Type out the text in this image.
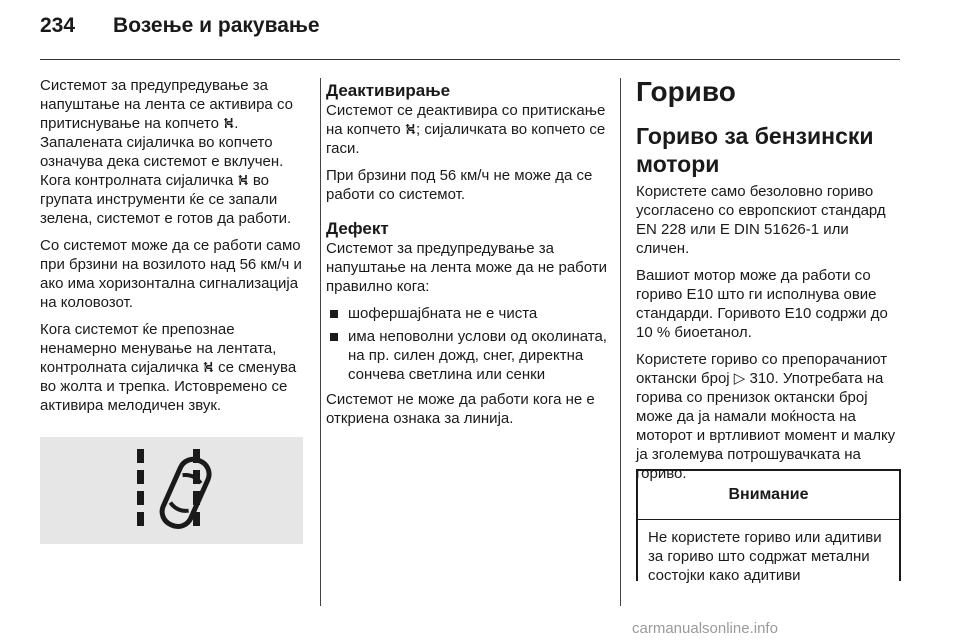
234 Возење и ракување

Системот за предупредување за напуштање на лента се активира со притиснување на копчето ⛕. Запалената сијаличка во копчето означува дека системот е вклучен. Кога контролната сијаличка ⛕ во групата инструменти ќе се запали зелена, системот е готов да работи.

Со системот може да се работи само при брзини на возилото над 56 км/ч и ако има хоризонтална сигнализација на коловозот.

Кога системот ќе препознае ненамерно менување на лентата, контролната сијаличка ⛕ се сменува во жолта и трепка. Истовремено се активира мелодичен звук.

Деактивирање

Системот се деактивира со притискање на копчето ⛕; сијаличката во копчето се гаси.

При брзини под 56 км/ч не може да се работи со системот.

Дефект

Системот за предупредување за напуштање на лента може да не работи правилно кога:

шофершајбната не е чиста
има неповолни услови од околината, на пр. силен дожд, снег, директна сончева светлина или сенки

Системот не може да работи кога не е откриена ознака за линија.

Гориво
Гориво за бензински мотори

Користете само безоловно гориво усогласено со европскиот стандард EN 228 или E DIN 51626-1 или сличен.

Вашиот мотор може да работи со гориво E10 што ги исполнува овие стандарди. Горивото E10 содржи до 10 % биоетанол.

Користете гориво со препорачаниот октански број ▷ 310. Употребата на горива со пренизок октански број може да ја намали моќноста на моторот и вртливиот момент и малку ја зголемува потрошувачката на гориво.

Внимание
Не користете гориво или адитиви за гориво што содржат метални состојки како адитиви
carmanualsonline.info
